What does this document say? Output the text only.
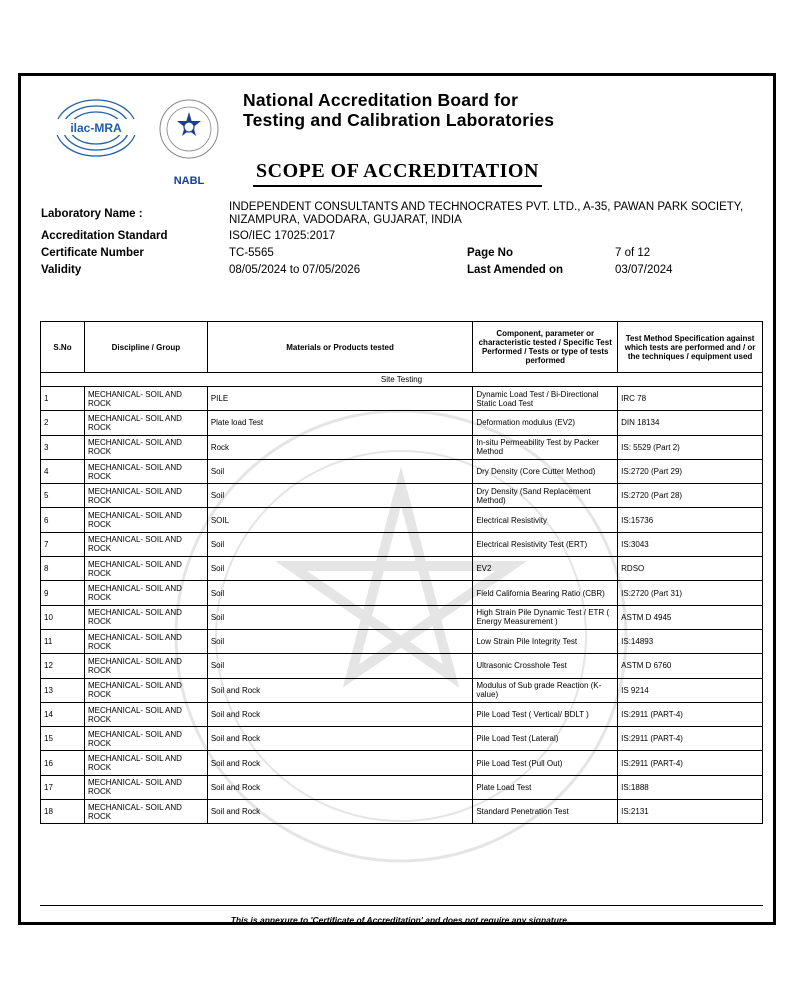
ilac-MRA
NABL
National Accreditation Board for
Testing and Calibration Laboratories
SCOPE OF ACCREDITATION
Laboratory Name :
INDEPENDENT CONSULTANTS AND TECHNOCRATES PVT. LTD., A-35, PAWAN PARK SOCIETY,
NIZAMPURA, VADODARA, GUJARAT, INDIA
Accreditation Standard	ISO/IEC 17025:2017
Certificate Number	TC-5565	Page No	7 of 12
Validity	08/05/2024 to 07/05/2026	Last Amended on	03/07/2024
S.No	Discipline / Group	Materials or Products tested	Component, parameter or characteristic tested / Specific Test Performed / Tests or type of tests performed	Test Method Specification against which tests are performed and / or the techniques / equipment used
Site Testing				
1	MECHANICAL- SOIL AND ROCK	PILE	Dynamic Load Test / Bi-Directional Static Load Test	IRC 78
2	MECHANICAL- SOIL AND ROCK	Plate load Test	Deformation modulus (EV2)	DIN 18134
3	MECHANICAL- SOIL AND ROCK	Rock	In-situ Permeability Test by Packer Method	IS: 5529 (Part 2)
4	MECHANICAL- SOIL AND ROCK	Soil	Dry Density (Core Cutter Method)	IS:2720 (Part 29)
5	MECHANICAL- SOIL AND ROCK	Soil	Dry Density (Sand Replacement Method)	IS:2720 (Part 28)
6	MECHANICAL- SOIL AND ROCK	SOIL	Electrical Resistivity	IS:15736
7	MECHANICAL- SOIL AND ROCK	Soil	Electrical Resistivity Test (ERT)	IS:3043
8	MECHANICAL- SOIL AND ROCK	Soil	EV2	RDSO
9	MECHANICAL- SOIL AND ROCK	Soil	Field California Bearing Ratio (CBR)	IS:2720 (Part 31)
10	MECHANICAL- SOIL AND ROCK	Soil	High Strain Pile Dynamic Test / ETR ( Energy Measurement )	ASTM D 4945
11	MECHANICAL- SOIL AND ROCK	Soil	Low Strain Pile Integrity Test	IS:14893
12	MECHANICAL- SOIL AND ROCK	Soil	Ultrasonic Crosshole Test	ASTM D 6760
13	MECHANICAL- SOIL AND ROCK	Soil and Rock	Modulus of Sub grade Reaction (K-value)	IS 9214
14	MECHANICAL- SOIL AND ROCK	Soil and Rock	Pile Load Test ( Vertical/ BDLT )	IS:2911 (PART-4)
15	MECHANICAL- SOIL AND ROCK	Soil and Rock	Pile Load Test (Lateral)	IS:2911 (PART-4)
16	MECHANICAL- SOIL AND ROCK	Soil and Rock	Pile Load Test (Pull Out)	IS:2911 (PART-4)
17	MECHANICAL- SOIL AND ROCK	Soil and Rock	Plate Load Test	IS:1888
18	MECHANICAL- SOIL AND ROCK	Soil and Rock	Standard Penetration Test	IS:2131
This is annexure to 'Certificate of Accreditation' and does not require any signature.
